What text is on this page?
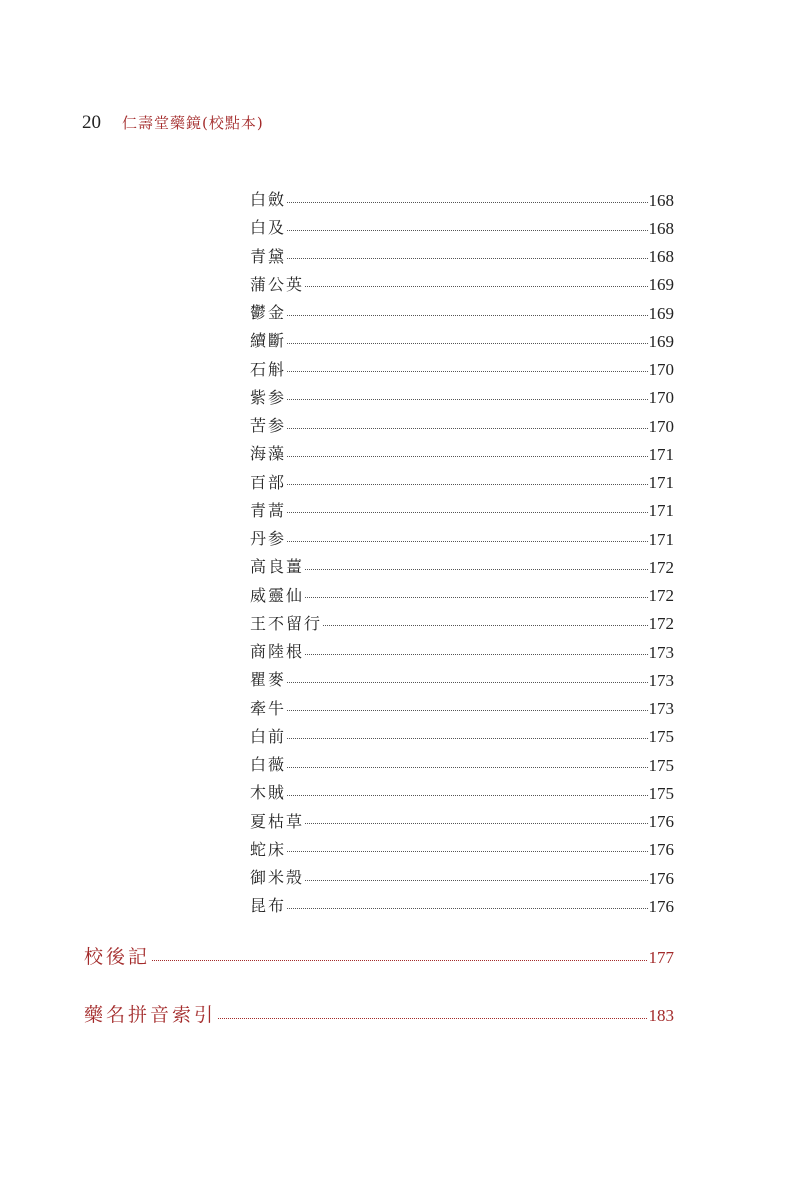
20 仁壽堂藥鏡(校點本)
白斂	168
白及	168
青黛	168
蒲公英	169
鬱金	169
續斷	169
石斛	170
紫参	170
苦参	170
海藻	171
百部	171
青蒿	171
丹参	171
高良薑	172
威靈仙	172
王不留行	172
商陸根	173
瞿麥	173
牽牛	173
白前	175
白薇	175
木賊	175
夏枯草	176
蛇床	176
御米殼	176
昆布	176
校後記	177
藥名拼音索引	183
